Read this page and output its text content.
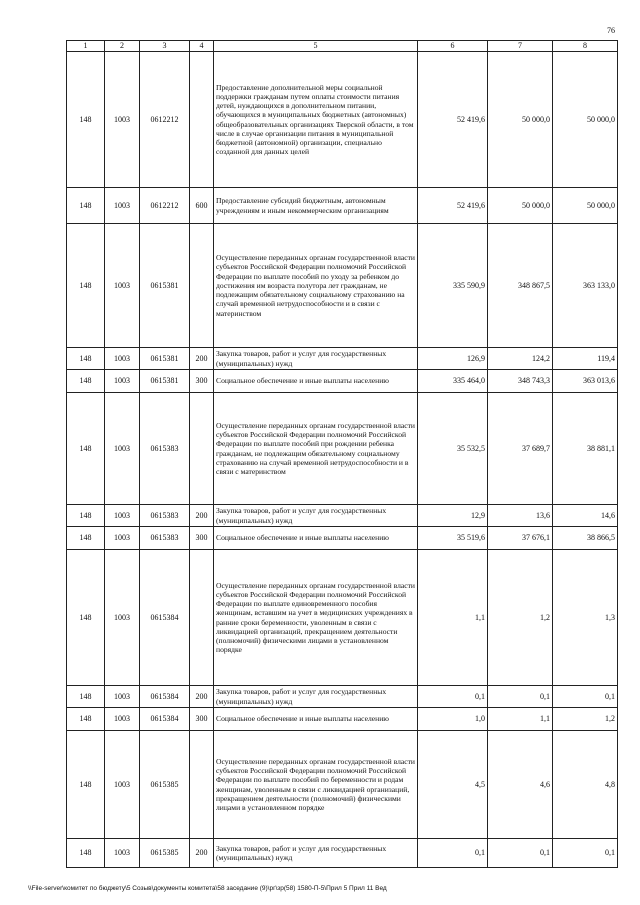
76
1	2	3	4	5	6	7	8
148	1003	0612212		Предоставление дополнительной меры социальной поддержки гражданам путем оплаты стоимости питания детей, нуждающихся в дополнительном питании, обучающихся в муниципальных бюджетных (автономных) общеобразовательных организациях Тверской области, в том числе в случае организации питания в муниципальной бюджетной (автономной) организации, специально созданной для данных целей	52 419,6	50 000,0	50 000,0
148	1003	0612212	600	Предоставление субсидий бюджетным, автономным учреждениям и иным некоммерческим организациям	52 419,6	50 000,0	50 000,0
148	1003	0615381		Осуществление переданных органам государственной власти субъектов Российской Федерации полномочий Российской Федерации по выплате пособий по уходу за ребенком до достижения им возраста полутора лет гражданам, не подлежащим обязательному социальному страхованию на случай временной нетрудоспособности и в связи с материнством	335 590,9	348 867,5	363 133,0
148	1003	0615381	200	Закупка товаров, работ и услуг для государственных (муниципальных) нужд	126,9	124,2	119,4
148	1003	0615381	300	Социальное обеспечение и иные выплаты населению	335 464,0	348 743,3	363 013,6
148	1003	0615383		Осуществление переданных органам государственной власти субъектов Российской Федерации полномочий Российской Федерации по выплате пособий при рождении ребенка гражданам, не подлежащим обязательному социальному страхованию на случай временной нетрудоспособности и в связи с материнством	35 532,5	37 689,7	38 881,1
148	1003	0615383	200	Закупка товаров, работ и услуг для государственных (муниципальных) нужд	12,9	13,6	14,6
148	1003	0615383	300	Социальное обеспечение и иные выплаты населению	35 519,6	37 676,1	38 866,5
148	1003	0615384		Осуществление переданных органам государственной власти субъектов Российской Федерации полномочий Российской Федерации по выплате единовременного пособия женщинам, вставшим на учет в медицинских учреждениях в ранние сроки беременности, уволенным в связи с ликвидацией организаций, прекращением деятельности (полномочий) физическими лицами в установленном порядке	1,1	1,2	1,3
148	1003	0615384	200	Закупка товаров, работ и услуг для государственных (муниципальных) нужд	0,1	0,1	0,1
148	1003	0615384	300	Социальное обеспечение и иные выплаты населению	1,0	1,1	1,2
148	1003	0615385		Осуществление переданных органам государственной власти субъектов Российской Федерации полномочий Российской Федерации по выплате пособий по беременности и родам женщинам, уволенным в связи с ликвидацией организаций, прекращением деятельности (полномочий) физическими лицами в установленном порядке	4,5	4,6	4,8
148	1003	0615385	200	Закупка товаров, работ и услуг для государственных (муниципальных) нужд	0,1	0,1	0,1
\\File-server\комитет по бюджету\5 Созыв\документы комитета\58 заседание (9)\рг\зр(58) 1580-П-5\Прил 5 Прил 11 Вед
